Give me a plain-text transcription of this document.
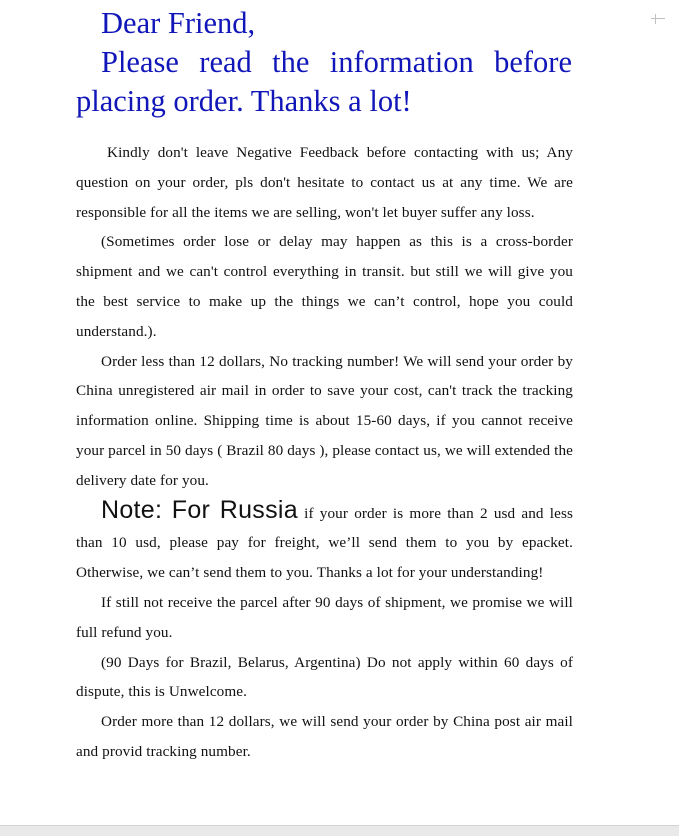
Dear Friend,
Please read the information before
placing order. Thanks a lot!

Kindly don't leave Negative Feedback before contacting with us; Any question on your order, pls don't hesitate to contact us at any time. We are responsible for all the items we are selling, won't let buyer suffer any loss.

(Sometimes order lose or delay may happen as this is a cross-border shipment and we can't control everything in transit. but still we will give you the best service to make up the things we can’t control, hope you could understand.).

Order less than 12 dollars, No tracking number! We will send your order by China unregistered air mail in order to save your cost, can't track the tracking information online. Shipping time is about 15-60 days, if you cannot receive your parcel in 50 days ( Brazil 80 days ), please contact us, we will extended the delivery date for you.

Note: For Russia if your order is more than 2 usd and less than 10 usd, please pay for freight, we’ll send them to you by epacket. Otherwise, we can’t send them to you. Thanks a lot for your understanding!

If still not receive the parcel after 90 days of shipment, we promise we will full refund you.

(90 Days for Brazil, Belarus, Argentina) Do not apply within 60 days of dispute, this is Unwelcome.

Order more than 12 dollars, we will send your order by China post air mail and provid tracking number.
